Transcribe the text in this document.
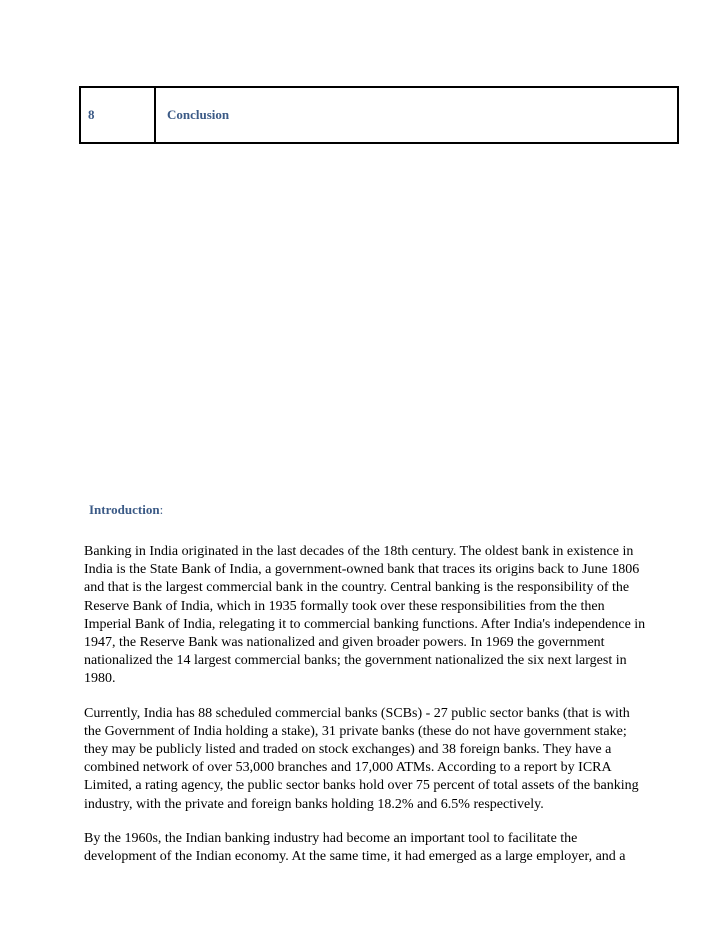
8	Conclusion
Introduction:

Banking in India originated in the last decades of the 18th century. The oldest bank in existence in India is the State Bank of India, a government-owned bank that traces its origins back to June 1806 and that is the largest commercial bank in the country. Central banking is the responsibility of the Reserve Bank of India, which in 1935 formally took over these responsibilities from the then Imperial Bank of India, relegating it to commercial banking functions. After India's independence in 1947, the Reserve Bank was nationalized and given broader powers. In 1969 the government nationalized the 14 largest commercial banks; the government nationalized the six next largest in 1980.

Currently, India has 88 scheduled commercial banks (SCBs) - 27 public sector banks (that is with the Government of India holding a stake), 31 private banks (these do not have government stake; they may be publicly listed and traded on stock exchanges) and 38 foreign banks. They have a combined network of over 53,000 branches and 17,000 ATMs. According to a report by ICRA Limited, a rating agency, the public sector banks hold over 75 percent of total assets of the banking industry, with the private and foreign banks holding 18.2% and 6.5% respectively.

By the 1960s, the Indian banking industry had become an important tool to facilitate the development of the Indian economy. At the same time, it had emerged as a large employer, and a
